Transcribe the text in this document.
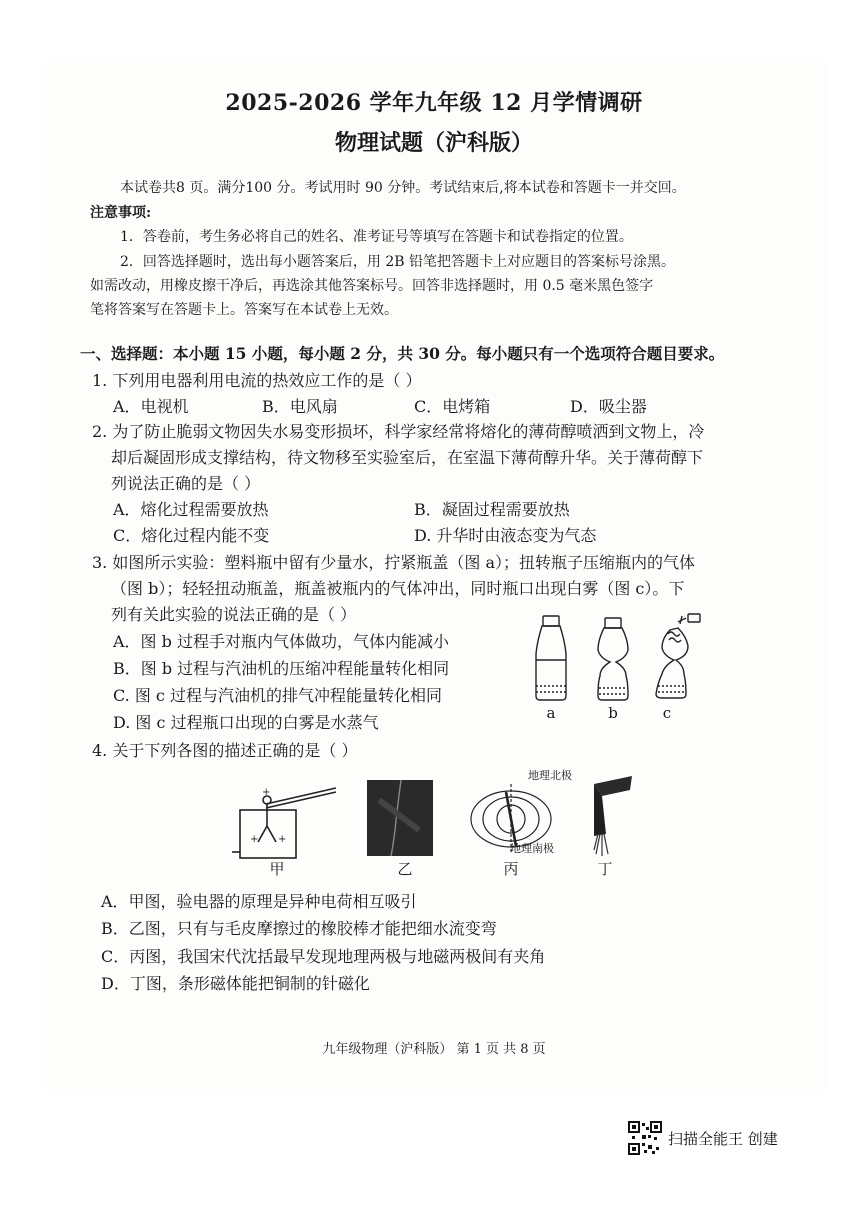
2025-2026 学年九年级 12 月学情调研
物理试题（沪科版）
本试卷共8 页。满分100 分。考试用时 90 分钟。考试结束后,将本试卷和答题卡一并交回。
注意事项:
1．答卷前，考生务必将自己的姓名、准考证号等填写在答题卡和试卷指定的位置。
2．回答选择题时，选出每小题答案后，用 2B 铅笔把答题卡上对应题目的答案标号涂黑。
如需改动，用橡皮擦干净后，再选涂其他答案标号。回答非选择题时，用 0.5 毫米黑色签字
笔将答案写在答题卡上。答案写在本试卷上无效。
一、选择题：本小题 15 小题，每小题 2 分，共 30 分。每小题只有一个选项符合题目要求。
1. 下列用电器利用电流的热效应工作的是（ ）
A．电视机	B．电风扇	C．电烤箱	D．吸尘器
2. 为了防止脆弱文物因失水易变形损坏，科学家经常将熔化的薄荷醇喷洒到文物上，冷
却后凝固形成支撑结构，待文物移至实验室后，在室温下薄荷醇升华。关于薄荷醇下
列说法正确的是（ ）
A．熔化过程需要放热	B．凝固过程需要放热
C．熔化过程内能不变	D. 升华时由液态变为气态
3. 如图所示实验：塑料瓶中留有少量水，拧紧瓶盖（图 a）；扭转瓶子压缩瓶内的气体
（图 b）；轻轻扭动瓶盖，瓶盖被瓶内的气体冲出，同时瓶口出现白雾（图 c）。下
列有关此实验的说法正确的是（ ）
A．图 b 过程手对瓶内气体做功，气体内能减小
B．图 b 过程与汽油机的压缩冲程能量转化相同
C. 图 c 过程与汽油机的排气冲程能量转化相同
D. 图 c 过程瓶口出现的白雾是水蒸气	a	b	c
4. 关于下列各图的描述正确的是（ ）
+
+ +
甲	乙
地理北极
地理南极
丙	丁
A．甲图，验电器的原理是异种电荷相互吸引
B．乙图，只有与毛皮摩擦过的橡胶棒才能把细水流变弯
C．丙图，我国宋代沈括最早发现地理两极与地磁两极间有夹角
D．丁图，条形磁体能把铜制的针磁化
九年级物理（沪科版） 第 1 页 共 8 页
扫描全能王 创建
